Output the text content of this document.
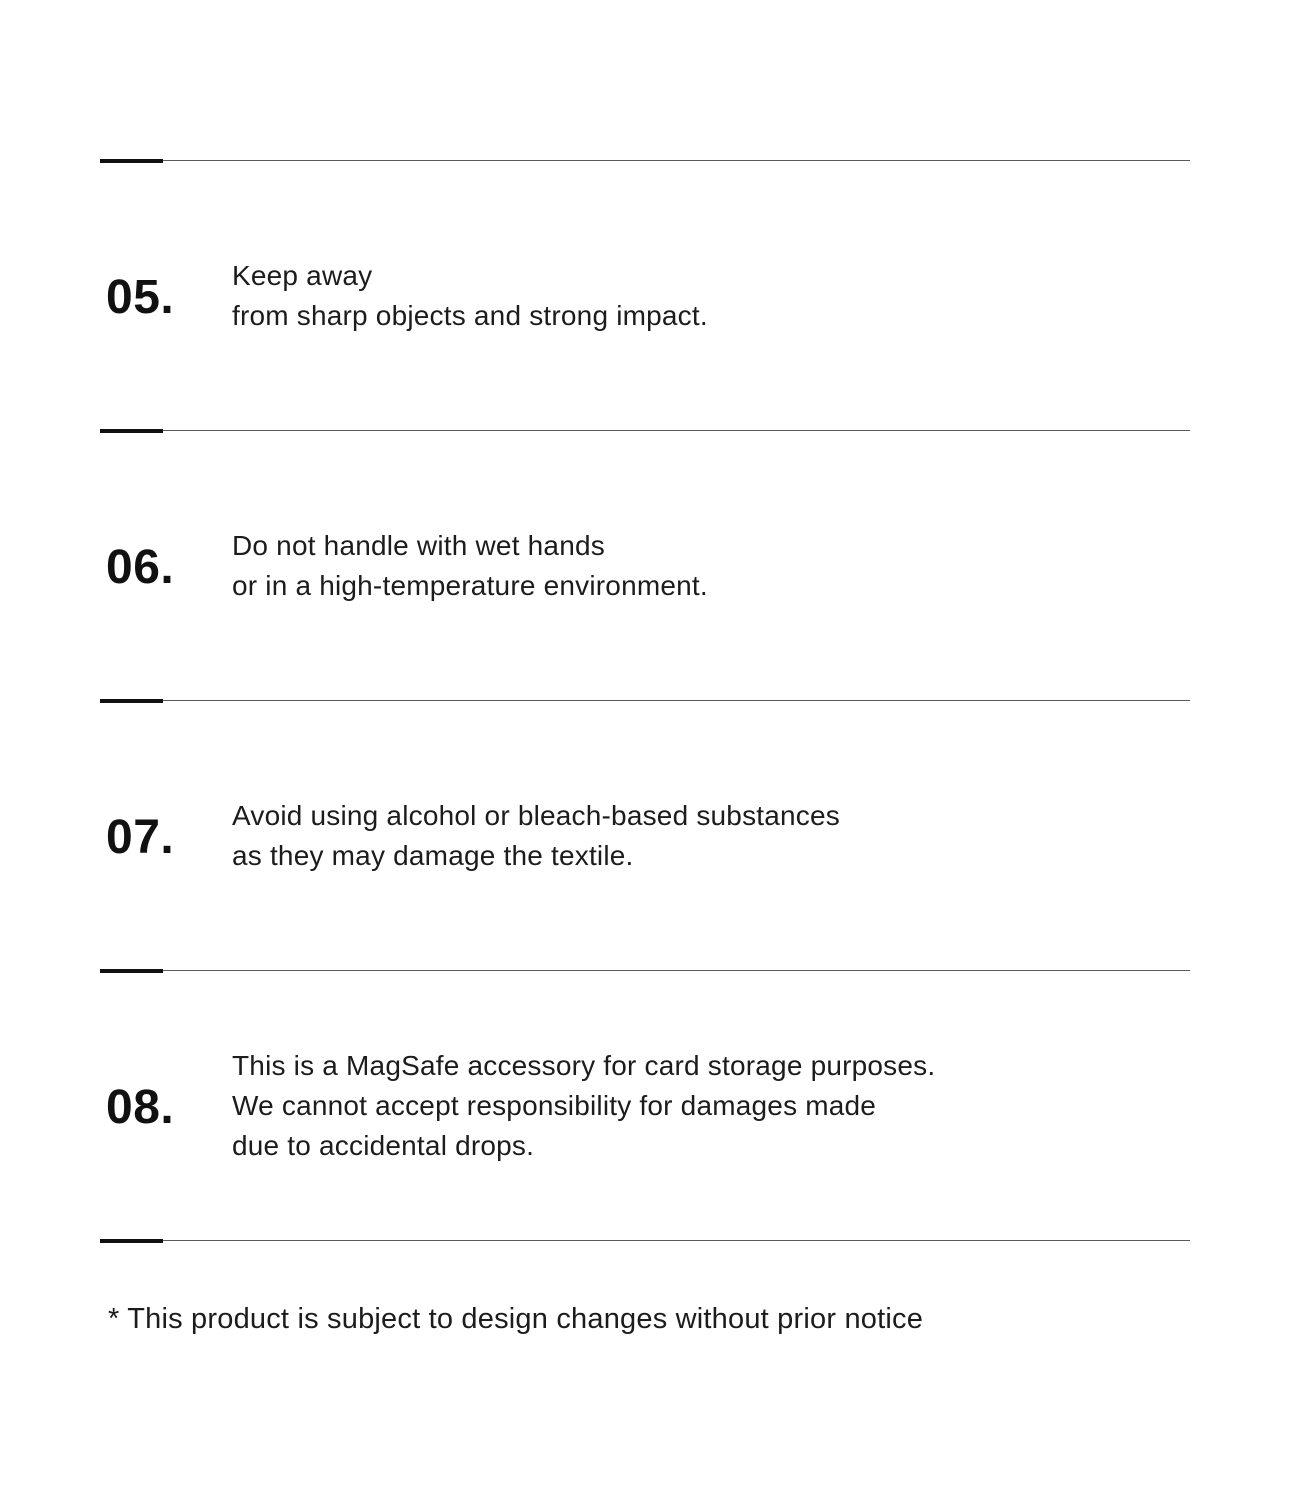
05.	Keep away

from sharp objects and strong impact.

06.	Do not handle with wet hands

or in a high-temperature environment.

07.	Avoid using alcohol or bleach-based substances

as they may damage the textile.

08.

This is a MagSafe accessory for card storage purposes.

We cannot accept responsibility for damages made

due to accidental drops.

* This product is subject to design changes without prior notice
